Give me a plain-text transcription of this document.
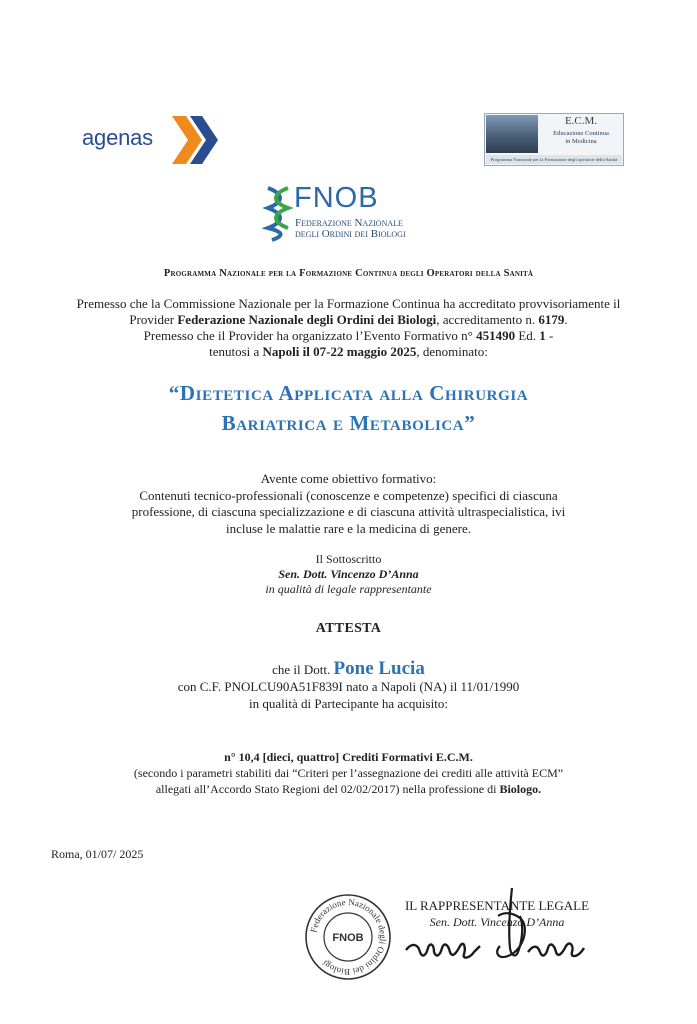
agenas
E.C.M.
Educazione Continua
in Medicina
Programma Nazionale per la Formazione degli operatori della Sanità
FNOB
Federazione Nazionale
degli Ordini dei Biologi
Programma Nazionale per la Formazione Continua degli Operatori della Sanità
Premesso che la Commissione Nazionale per la Formazione Continua ha accreditato provvisoriamente il
Provider Federazione Nazionale degli Ordini dei Biologi, accreditamento n. 6179.
Premesso che il Provider ha organizzato l’Evento Formativo n° 451490 Ed. 1 -
tenutosi a Napoli il 07-22 maggio 2025, denominato:
“Dietetica Applicata alla Chirurgia
Bariatrica e Metabolica”
Avente come obiettivo formativo:
Contenuti tecnico-professionali (conoscenze e competenze) specifici di ciascuna
professione, di ciascuna specializzazione e di ciascuna attività ultraspecialistica, ivi
incluse le malattie rare e la medicina di genere.
Il Sottoscritto
Sen. Dott. Vincenzo D’Anna
in qualità di legale rappresentante
ATTESTA
che il Dott. Pone Lucia
con C.F. PNOLCU90A51F839I nato a Napoli (NA) il 11/01/1990
in qualità di Partecipante ha acquisito:
n° 10,4 [dieci, quattro] Crediti Formativi E.C.M.
(secondo i parametri stabiliti dai “Criteri per l’assegnazione dei crediti alle attività ECM”
allegati all’Accordo Stato Regioni del 02/02/2017) nella professione di Biologo.
Roma, 01/07/ 2025
Federazione Nazionale degli Ordini dei Biologi
FNOB
IL RAPPRESENTANTE LEGALE
Sen. Dott. Vincenzo D’Anna
